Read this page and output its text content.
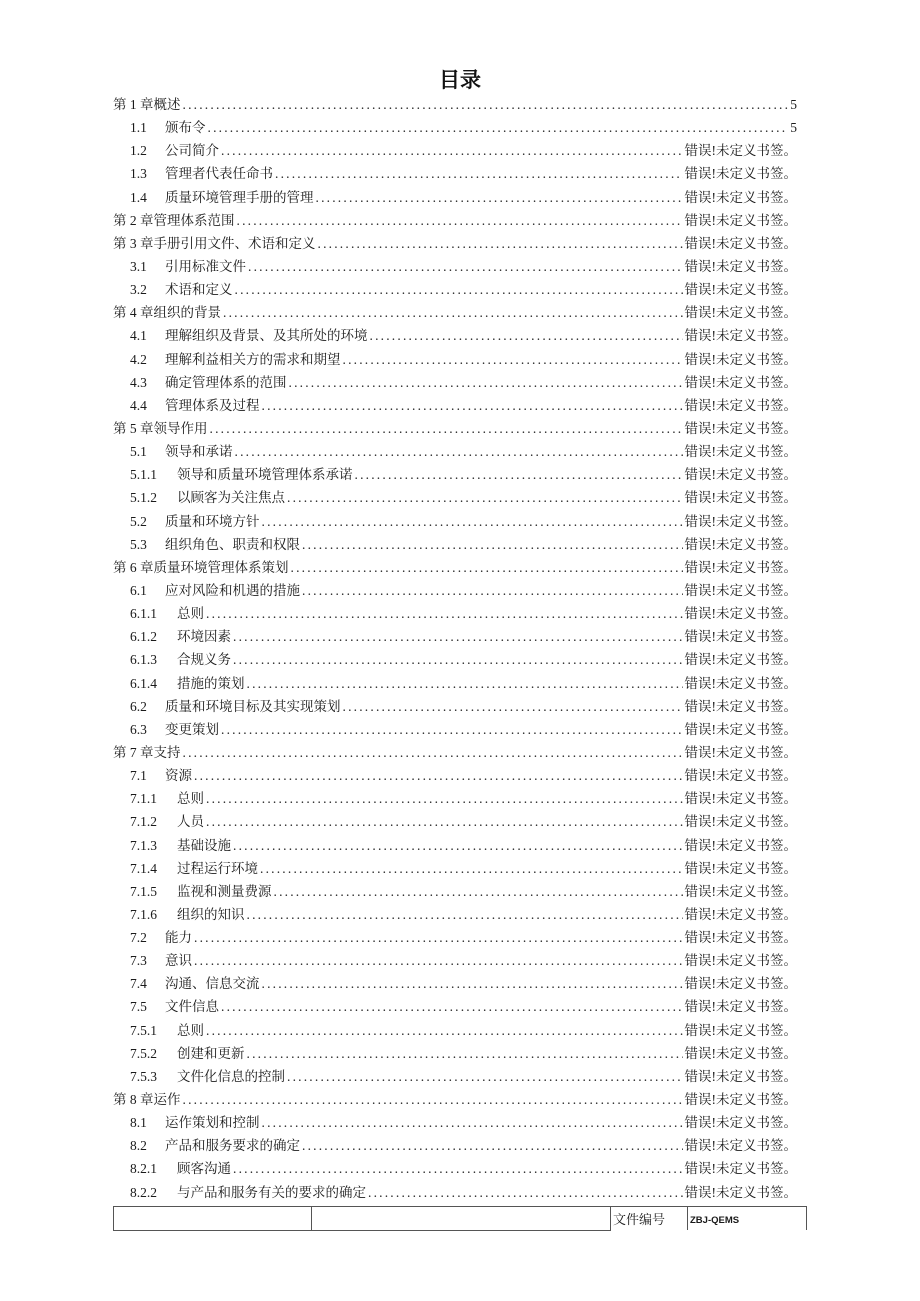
目录
第 1 章 概述 .....	5
1.1	颁布令 .....	5
1.2	公司简介 .....	错误!未定义书签。
1.3	管理者代表任命书 .....	错误!未定义书签。
1.4	质量环境管理手册的管理 .....	错误!未定义书签。
第 2 章 管理体系范围 .....	错误!未定义书签。
第 3 章 手册引用文件、术语和定义 .....	错误!未定义书签。
3.1	引用标准文件 .....	错误!未定义书签。
3.2	术语和定义 .....	错误!未定义书签。
第 4 章 组织的背景 .....	错误!未定义书签。
4.1	理解组织及背景、及其所处的环境 .....	错误!未定义书签。
4.2	理解利益相关方的需求和期望 .....	错误!未定义书签。
4.3	确定管理体系的范围 .....	错误!未定义书签。
4.4	管理体系及过程 .....	错误!未定义书签。
第 5 章 领导作用 .....	错误!未定义书签。
5.1	领导和承诺 .....	错误!未定义书签。
5.1.1	领导和质量环境管理体系承诺 .....	错误!未定义书签。
5.1.2	以顾客为关注焦点 .....	错误!未定义书签。
5.2	质量和环境方针 .....	错误!未定义书签。
5.3	组织角色、职责和权限 .....	错误!未定义书签。
第 6 章 质量环境管理体系策划 .....	错误!未定义书签。
6.1	应对风险和机遇的措施 .....	错误!未定义书签。
6.1.1	总则 .....	错误!未定义书签。
6.1.2	环境因素 .....	错误!未定义书签。
6.1.3	合规义务 .....	错误!未定义书签。
6.1.4	措施的策划 .....	错误!未定义书签。
6.2	质量和环境目标及其实现策划 .....	错误!未定义书签。
6.3	变更策划 .....	错误!未定义书签。
第 7 章 支持 .....	错误!未定义书签。
7.1	资源 .....	错误!未定义书签。
7.1.1	总则 .....	错误!未定义书签。
7.1.2	人员 .....	错误!未定义书签。
7.1.3	基础设施 .....	错误!未定义书签。
7.1.4	过程运行环境 .....	错误!未定义书签。
7.1.5	监视和测量费源 .....	错误!未定义书签。
7.1.6	组织的知识 .....	错误!未定义书签。
7.2	能力 .....	错误!未定义书签。
7.3	意识 .....	错误!未定义书签。
7.4	沟通、信息交流 .....	错误!未定义书签。
7.5	文件信息 .....	错误!未定义书签。
7.5.1	总则 .....	错误!未定义书签。
7.5.2	创建和更新 .....	错误!未定义书签。
7.5.3	文件化信息的控制 .....	错误!未定义书签。
第 8 章 运作 .....	错误!未定义书签。
8.1	运作策划和控制 .....	错误!未定义书签。
8.2	产品和服务要求的确定 .....	错误!未定义书签。
8.2.1	顾客沟通 .....	错误!未定义书签。
8.2.2	与产品和服务有关的要求的确定 .....	错误!未定义书签。
		文件编号	ZBJ-QEMS
